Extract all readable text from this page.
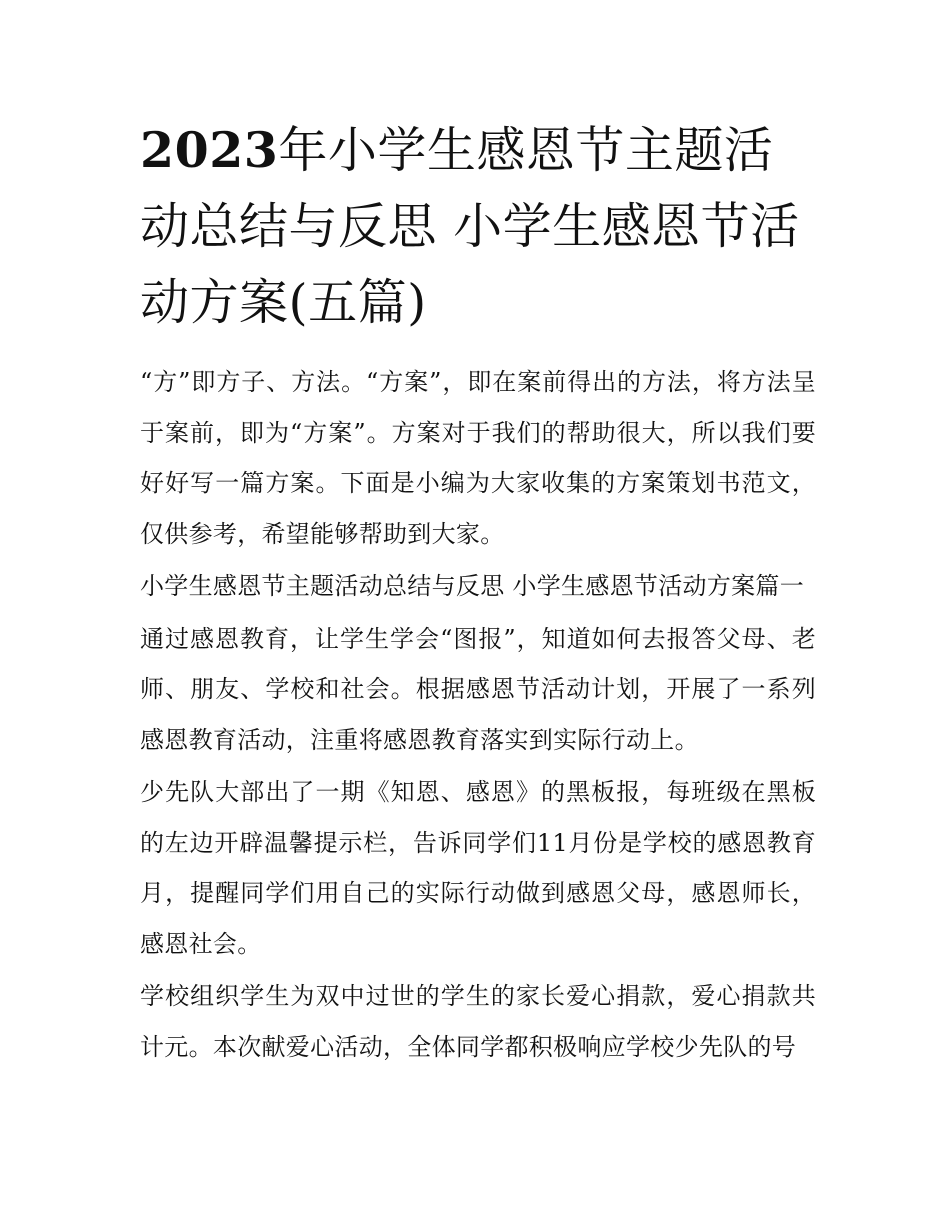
2023年小学生感恩节主题活动总结与反思 小学生感恩节活动方案(五篇)

“方”即方子、方法。“方案”，即在案前得出的方法，将方法呈于案前，即为“方案”。方案对于我们的帮助很大，所以我们要好好写一篇方案。下面是小编为大家收集的方案策划书范文，仅供参考，希望能够帮助到大家。

小学生感恩节主题活动总结与反思 小学生感恩节活动方案篇一

通过感恩教育，让学生学会“图报”，知道如何去报答父母、老师、朋友、学校和社会。根据感恩节活动计划，开展了一系列感恩教育活动，注重将感恩教育落实到实际行动上。

少先队大部出了一期《知恩、感恩》的黑板报，每班级在黑板的左边开辟温馨提示栏，告诉同学们11月份是学校的感恩教育月，提醒同学们用自己的实际行动做到感恩父母，感恩师长，感恩社会。

学校组织学生为双中过世的学生的家长爱心捐款，爱心捐款共计元。本次献爱心活动，全体同学都积极响应学校少先队的号
